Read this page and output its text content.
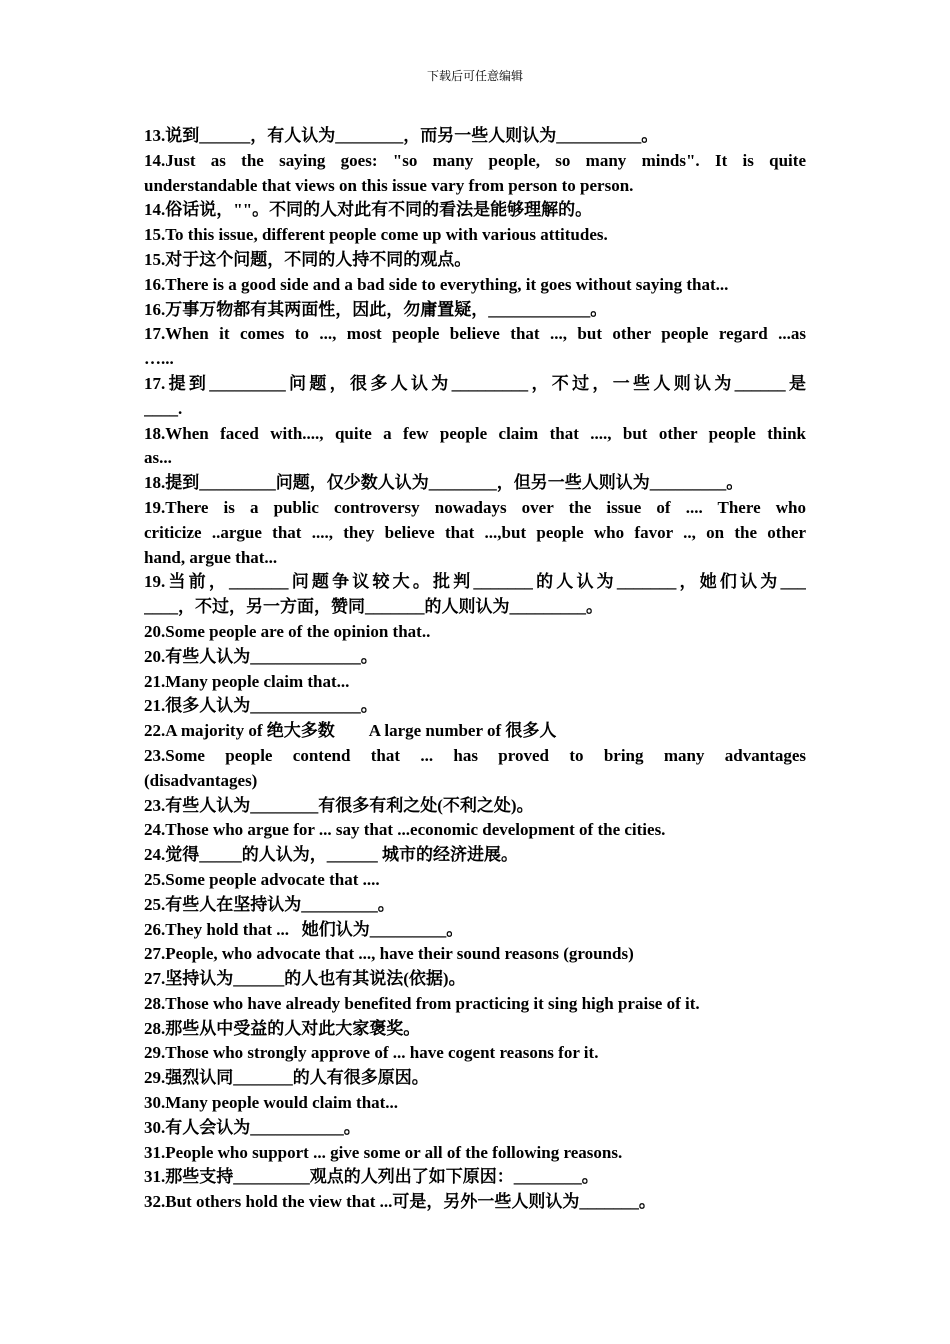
下载后可任意编辑
13.说到______，有人认为________，而另一些人则认为__________。
14.Just as the saying goes: "so many people, so many minds". It is quite
understandable that views on this issue vary from person to person.
14.俗话说，""。不同的人对此有不同的看法是能够理解的。
15.To this issue, different people come up with various attitudes.
15.对于这个问题，不同的人持不同的观点。
16.There is a good side and a bad side to everything, it goes without saying that...
16.万事万物都有其两面性，因此，勿庸置疑，____________。
17.When it comes to ..., most people believe that ..., but other people regard ...as
…...
17.提到_________问题，很多人认为_________，不过，一些人则认为______是
____.
18.When faced with...., quite a few people claim that ...., but other people think
as...
18.提到_________问题，仅少数人认为________，但另一些人则认为_________。
19.There is a public controversy nowadays over the issue of .... There who
criticize ..argue that ...., they believe that ...,but people who favor .., on the other
hand, argue that...
19.当前，_______问题争议较大。批判_______的人认为_______，她们认为___
____，不过，另一方面，赞同_______的人则认为_________。
20.Some people are of the opinion that..
20.有些人认为_____________。
21.Many people claim that...
21.很多人认为_____________。
22.A majority of 绝大多数        A large number of 很多人
23.Some people contend that ... has proved to bring many advantages
(disadvantages)
23.有些人认为________有很多有利之处(不利之处)。
24.Those who argue for ... say that ...economic development of the cities.
24.觉得_____的人认为，______ 城市的经济进展。
25.Some people advocate that ....
25.有些人在坚持认为_________。
26.They hold that ...   她们认为_________。
27.People, who advocate that ..., have their sound reasons (grounds)
27.坚持认为______的人也有其说法(依据)。
28.Those who have already benefited from practicing it sing high praise of it.
28.那些从中受益的人对此大家褒奖。
29.Those who strongly approve of ... have cogent reasons for it.
29.强烈认同_______的人有很多原因。
30.Many people would claim that...
30.有人会认为___________。
31.People who support ... give some or all of the following reasons.
31.那些支持_________观点的人列出了如下原因：________。
32.But others hold the view that ...可是，另外一些人则认为_______。
